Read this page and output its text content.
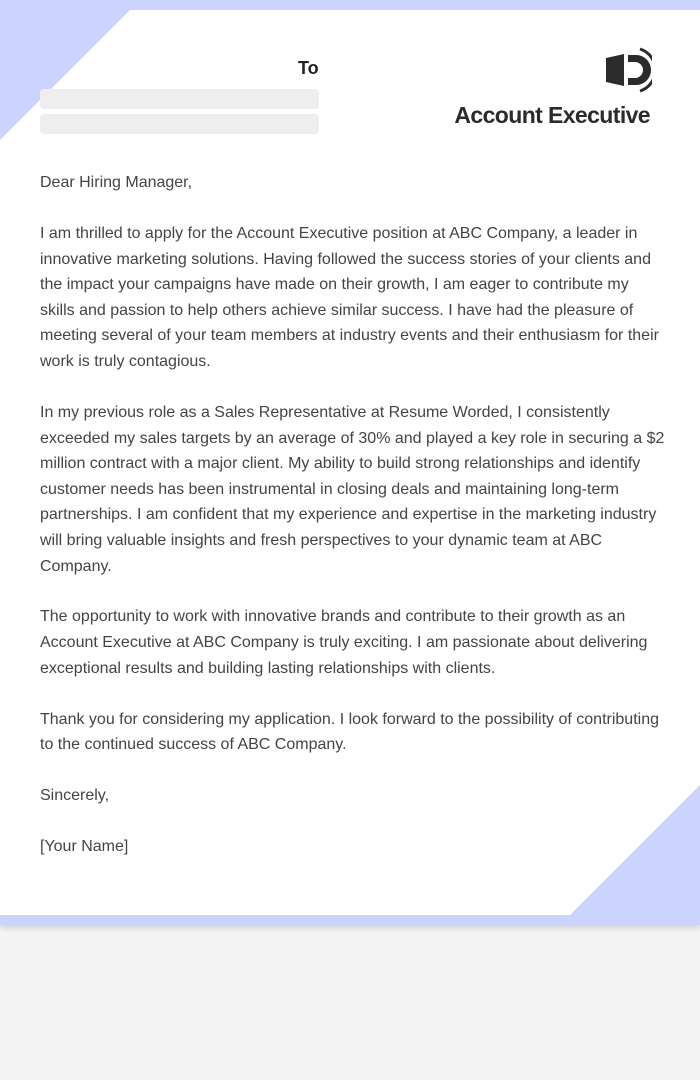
To
Account Executive

Dear Hiring Manager,

I am thrilled to apply for the Account Executive position at ABC Company, a leader in innovative marketing solutions. Having followed the success stories of your clients and the impact your campaigns have made on their growth, I am eager to contribute my skills and passion to help others achieve similar success. I have had the pleasure of meeting several of your team members at industry events and their enthusiasm for their work is truly contagious.

In my previous role as a Sales Representative at Resume Worded, I consistently exceeded my sales targets by an average of 30% and played a key role in securing a $2 million contract with a major client. My ability to build strong relationships and identify customer needs has been instrumental in closing deals and maintaining long-term partnerships. I am confident that my experience and expertise in the marketing industry will bring valuable insights and fresh perspectives to your dynamic team at ABC Company.

The opportunity to work with innovative brands and contribute to their growth as an Account Executive at ABC Company is truly exciting. I am passionate about delivering exceptional results and building lasting relationships with clients.

Thank you for considering my application. I look forward to the possibility of contributing to the continued success of ABC Company.

Sincerely,

[Your Name]
